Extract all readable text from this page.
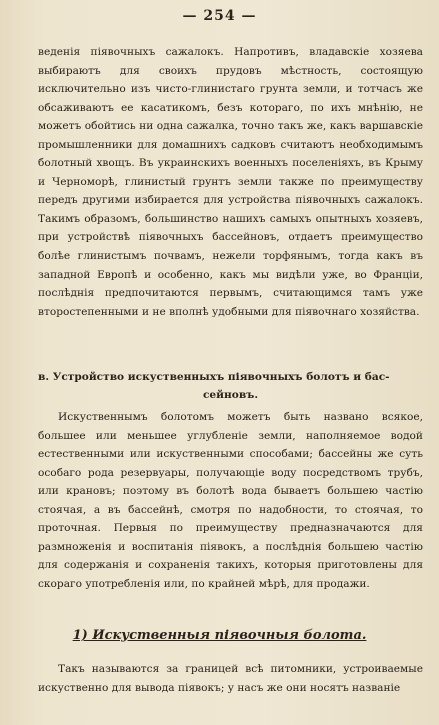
— 254 —

веденія піявочныхъ сажалокъ. Напротивъ, владавскіе хозяева выбираютъ для своихъ прудовъ мѣстность, состоящую исключительно изъ чисто-глинистаго грунта земли, и тотчасъ же обсаживаютъ ее касатикомъ, безъ котораго, по ихъ мнѣнію, не можетъ обойтись ни одна сажалка, точно такъ же, какъ варшавскіе промышленники для домашнихъ садковъ считаютъ необходимымъ болотный хвощъ. Въ украинскихъ военныхъ поселеніяхъ, въ Крыму и Черноморѣ, глинистый грунтъ земли также по преимуществу передъ другими избирается для устройства піявочныхъ сажалокъ. Такимъ образомъ, большинство нашихъ самыхъ опытныхъ хозяевъ, при устройствѣ піявочныхъ бассейновъ, отдаетъ преимущество болѣе глинистымъ почвамъ, нежели торфянымъ, тогда какъ въ западной Европѣ и особенно, какъ мы видѣли уже, во Франціи, послѣднія предпочитаются первымъ, считающимся тамъ уже второстепенными и не вполнѣ удобными для піявочнаго хозяйства.

в. Устройство искуственныхъ піявочныхъ болотъ и бас-
сейновъ.

Искуственнымъ болотомъ можетъ быть названо всякое, большее или меньшее углубленіе земли, наполняемое водой естественными или искуственными способами; бассейны же суть особаго рода резервуары, получающіе воду посредствомъ трубъ, или крановъ; поэтому въ болотѣ вода бываетъ большею частію стоячая, а въ бассейнѣ, смотря по надобности, то стоячая, то проточная. Первыя по преимуществу предназначаются для размноженія и воспитанія піявокъ, а послѣднія большею частію для содержанія и сохраненія такихъ, которыя приготовлены для скораго употребленія или, по крайней мѣрѣ, для продажи.

1) Искуственныя піявочныя болота.

Такъ называются за границей всѣ питомники, устроиваемые искуственно для вывода піявокъ; у насъ же они носятъ названіе
